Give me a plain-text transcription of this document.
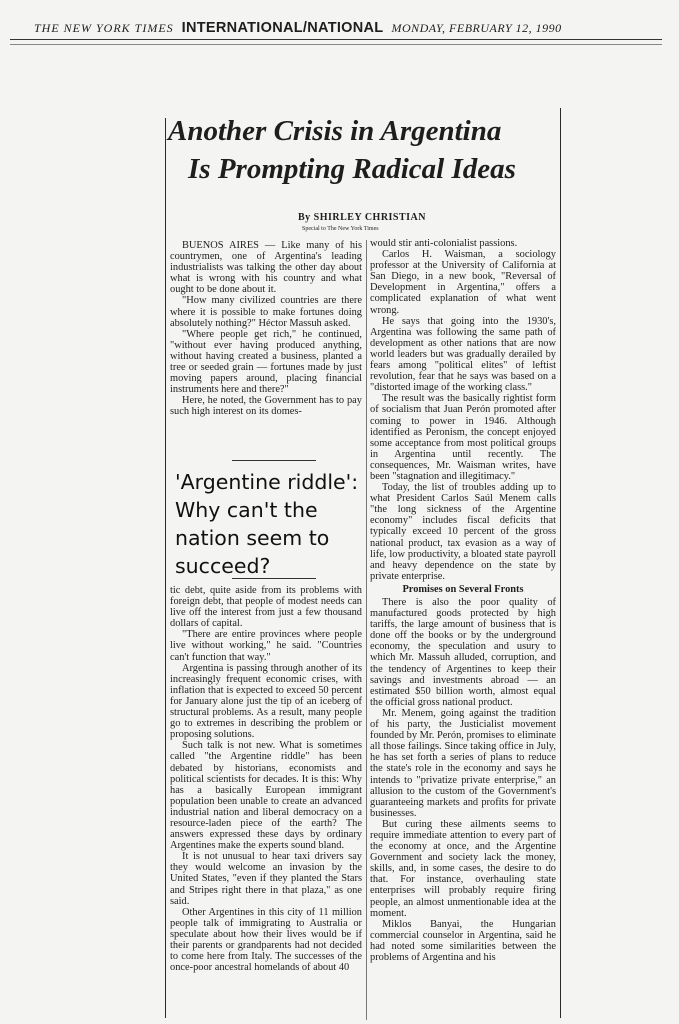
THE NEW YORK TIMES INTERNATIONAL/NATIONAL MONDAY, FEBRUARY 12, 1990
Another Crisis in Argentina
Is Prompting Radical Ideas
By SHIRLEY CHRISTIAN
Special to The New York Times

BUENOS AIRES — Like many of his countrymen, one of Argentina's leading industrialists was talking the other day about what is wrong with his country and what ought to be done about it.

"How many civilized countries are there where it is possible to make fortunes doing absolutely nothing?" Héctor Massuh asked.

"Where people get rich," he continued, "without ever having produced anything, without having created a business, planted a tree or seeded grain — fortunes made by just moving papers around, placing financial instruments here and there?"

Here, he noted, the Government has to pay such high interest on its domes-

'Argentine riddle': Why can't the nation seem to succeed?

tic debt, quite aside from its problems with foreign debt, that people of modest needs can live off the interest from just a few thousand dollars of capital.

"There are entire provinces where people live without working," he said. "Countries can't function that way."

Argentina is passing through another of its increasingly frequent economic crises, with inflation that is expected to exceed 50 percent for January alone just the tip of an iceberg of structural problems. As a result, many people go to extremes in describing the problem or proposing solutions.

Such talk is not new. What is sometimes called "the Argentine riddle" has been debated by historians, economists and political scientists for decades. It is this: Why has a basically European immigrant population been unable to create an advanced industrial nation and liberal democracy on a resource-laden piece of the earth? The answers expressed these days by ordinary Argentines make the experts sound bland.

It is not unusual to hear taxi drivers say they would welcome an invasion by the United States, "even if they planted the Stars and Stripes right there in that plaza," as one said.

Other Argentines in this city of 11 million people talk of immigrating to Australia or speculate about how their lives would be if their parents or grandparents had not decided to come here from Italy. The successes of the once-poor ancestral homelands of about 40

would stir anti-colonialist passions.

Carlos H. Waisman, a sociology professor at the University of California at San Diego, in a new book, "Reversal of Development in Argentina," offers a complicated explanation of what went wrong.

He says that going into the 1930's, Argentina was following the same path of development as other nations that are now world leaders but was gradually derailed by fears among "political elites" of leftist revolution, fear that he says was based on a "distorted image of the working class."

The result was the basically rightist form of socialism that Juan Perón promoted after coming to power in 1946. Although identified as Peronism, the concept enjoyed some acceptance from most political groups in Argentina until recently. The consequences, Mr. Waisman writes, have been "stagnation and illegitimacy."

Today, the list of troubles adding up to what President Carlos Saúl Menem calls "the long sickness of the Argentine economy" includes fiscal deficits that typically exceed 10 percent of the gross national product, tax evasion as a way of life, low productivity, a bloated state payroll and heavy dependence on the state by private enterprise.

Promises on Several Fronts

There is also the poor quality of manufactured goods protected by high tariffs, the large amount of business that is done off the books or by the underground economy, the speculation and usury to which Mr. Massuh alluded, corruption, and the tendency of Argentines to keep their savings and investments abroad — an estimated $50 billion worth, almost equal the official gross national product.

Mr. Menem, going against the tradition of his party, the Justicialist movement founded by Mr. Perón, promises to eliminate all those failings. Since taking office in July, he has set forth a series of plans to reduce the state's role in the economy and says he intends to "privatize private enterprise," an allusion to the custom of the Government's guaranteeing markets and profits for private businesses.

But curing these ailments seems to require immediate attention to every part of the economy at once, and the Argentine Government and society lack the money, skills, and, in some cases, the desire to do that. For instance, overhauling state enterprises will probably require firing people, an almost unmentionable idea at the moment.

Miklos Banyai, the Hungarian commercial counselor in Argentina, said he had noted some similarities between the problems of Argentina and his
